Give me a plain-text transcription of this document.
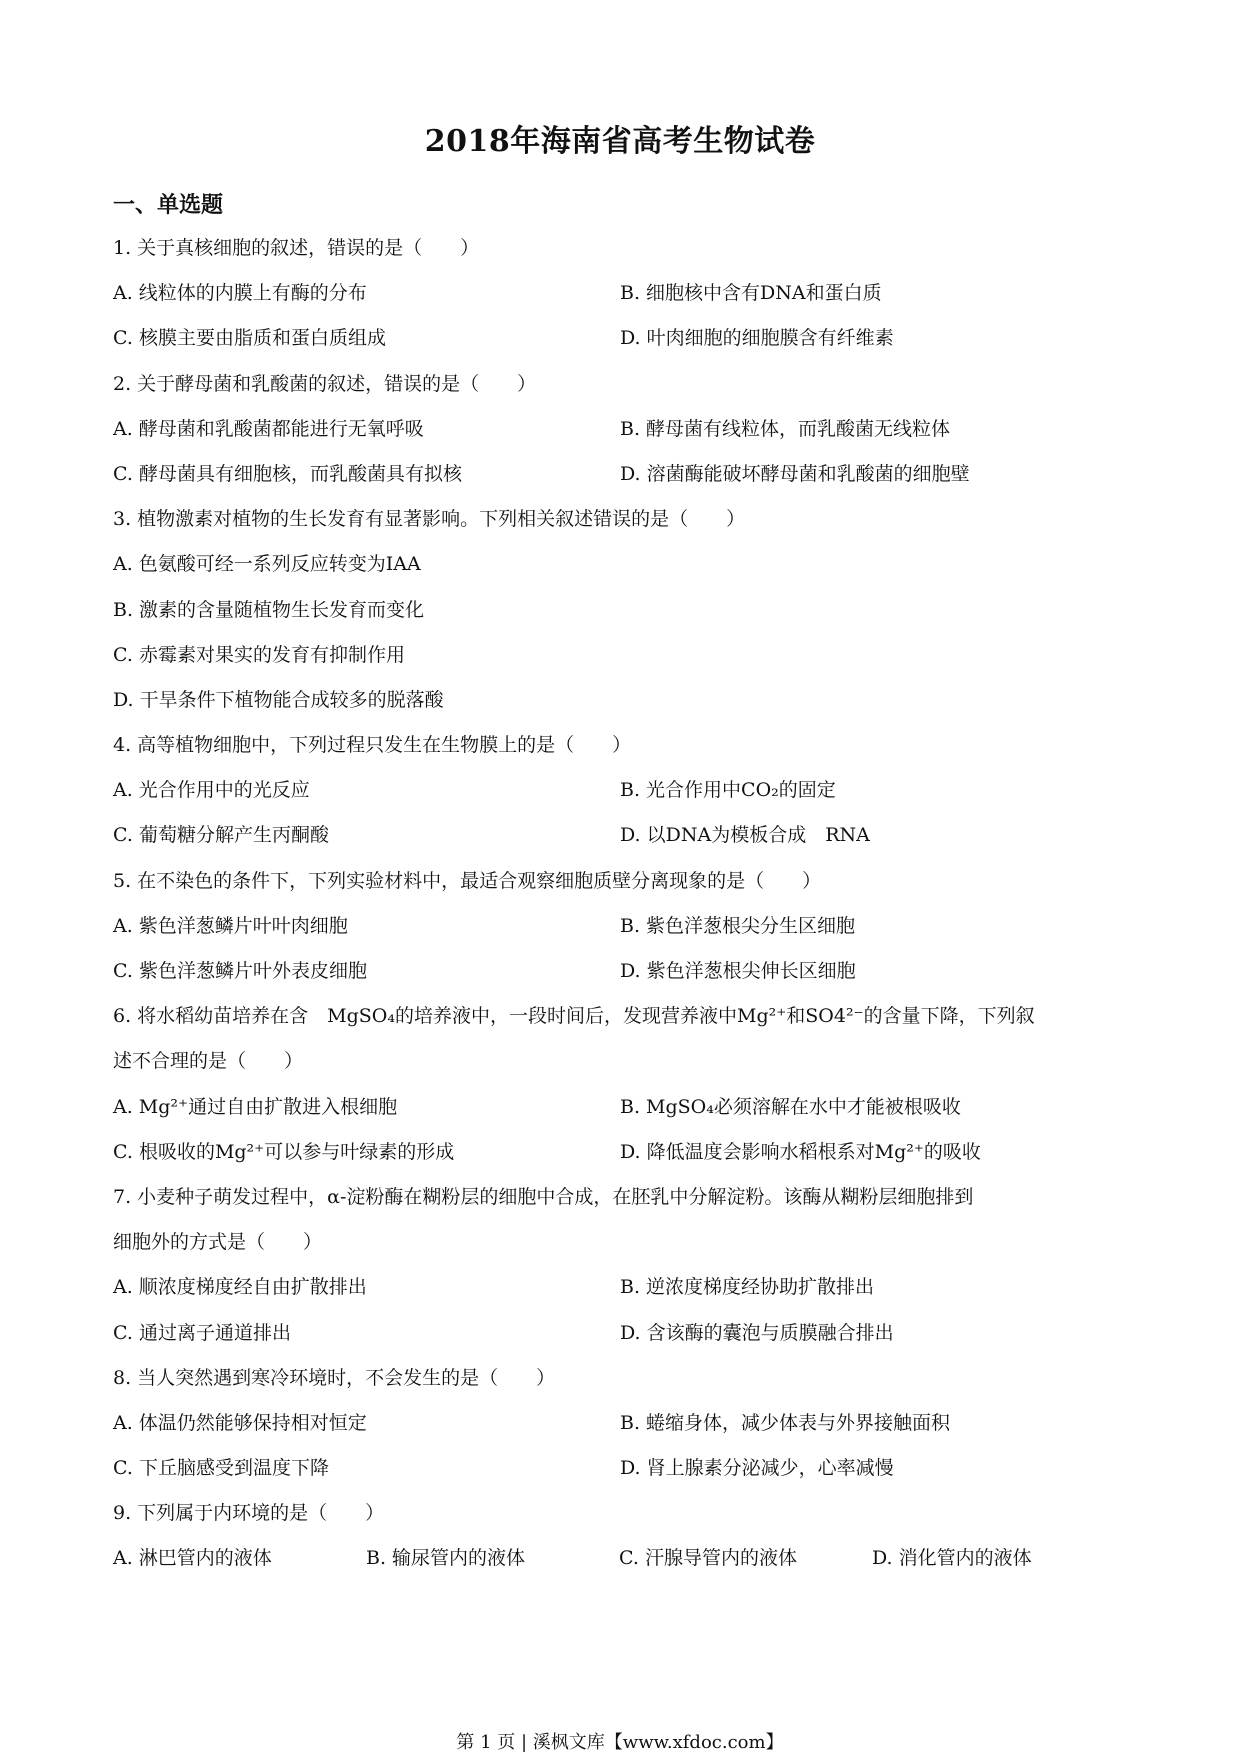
2018年海南省高考生物试卷
一、单选题
1. 关于真核细胞的叙述，错误的是（　　）
A. 线粒体的内膜上有酶的分布	B. 细胞核中含有DNA和蛋白质
C. 核膜主要由脂质和蛋白质组成	D. 叶肉细胞的细胞膜含有纤维素
2. 关于酵母菌和乳酸菌的叙述，错误的是（　　）
A. 酵母菌和乳酸菌都能进行无氧呼吸	B. 酵母菌有线粒体，而乳酸菌无线粒体
C. 酵母菌具有细胞核，而乳酸菌具有拟核	D. 溶菌酶能破坏酵母菌和乳酸菌的细胞壁
3. 植物激素对植物的生长发育有显著影响。下列相关叙述错误的是（　　）
A. 色氨酸可经一系列反应转变为IAA
B. 激素的含量随植物生长发育而变化
C. 赤霉素对果实的发育有抑制作用
D. 干旱条件下植物能合成较多的脱落酸
4. 高等植物细胞中，下列过程只发生在生物膜上的是（　　）
A. 光合作用中的光反应	B. 光合作用中CO₂的固定
C. 葡萄糖分解产生丙酮酸	D. 以DNA为模板合成　RNA
5. 在不染色的条件下，下列实验材料中，最适合观察细胞质壁分离现象的是（　　）
A. 紫色洋葱鳞片叶叶肉细胞	B. 紫色洋葱根尖分生区细胞
C. 紫色洋葱鳞片叶外表皮细胞	D. 紫色洋葱根尖伸长区细胞
6. 将水稻幼苗培养在含　MgSO₄的培养液中，一段时间后，发现营养液中Mg²⁺和SO4²⁻的含量下降，下列叙
述不合理的是（　　）
A. Mg²⁺通过自由扩散进入根细胞	B. MgSO₄必须溶解在水中才能被根吸收
C. 根吸收的Mg²⁺可以参与叶绿素的形成	D. 降低温度会影响水稻根系对Mg²⁺的吸收
7. 小麦种子萌发过程中，α-淀粉酶在糊粉层的细胞中合成，在胚乳中分解淀粉。该酶从糊粉层细胞排到
细胞外的方式是（　　）
A. 顺浓度梯度经自由扩散排出	B. 逆浓度梯度经协助扩散排出
C. 通过离子通道排出	D. 含该酶的囊泡与质膜融合排出
8. 当人突然遇到寒冷环境时，不会发生的是（　　）
A. 体温仍然能够保持相对恒定	B. 蜷缩身体，减少体表与外界接触面积
C. 下丘脑感受到温度下降	D. 肾上腺素分泌减少，心率减慢
9. 下列属于内环境的是（　　）
A. 淋巴管内的液体	B. 输尿管内的液体	C. 汗腺导管内的液体	D. 消化管内的液体
第 1 页 | 溪枫文库【www.xfdoc.com】
